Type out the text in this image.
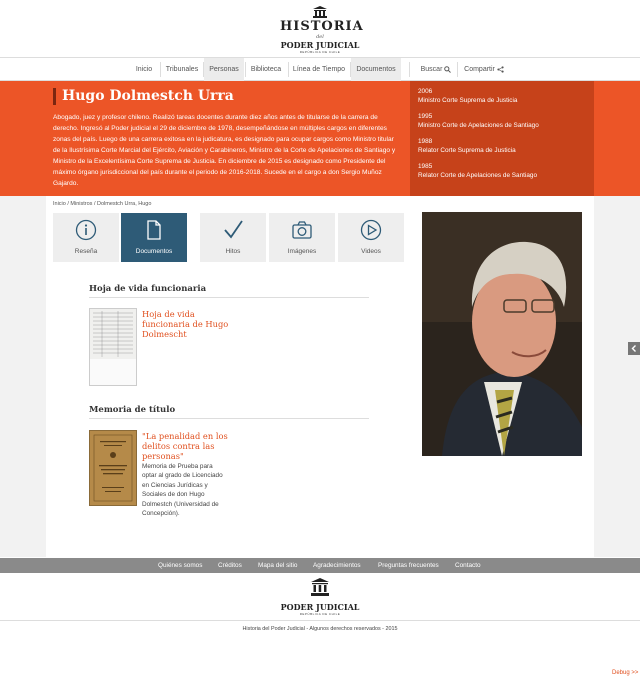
HISTORIA
del
PODER JUDICIAL
REPÚBLICA DE CHILE
Inicio	Tribunales	Personas	Biblioteca	Línea de Tiempo	Documentos	Buscar	Compartir
Hugo Dolmestch Urra
Abogado, juez y profesor chileno. Realizó tareas docentes durante diez años antes de titularse de la carrera de derecho. Ingresó al Poder judicial el 29 de diciembre de 1978, desempeñándose en múltiples cargos en diferentes zonas del país. Luego de una carrera exitosa en la judicatura, es designado para ocupar cargos como Ministro titular de la Ilustrísima Corte Marcial del Ejército, Aviación y Carabineros, Ministro de la Corte de Apelaciones de Santiago y Ministro de la Excelentísima Corte Suprema de Justicia. En diciembre de 2015 es designado como Presidente del máximo órgano jurisdiccional del país durante el periodo de 2016-2018. Sucede en el cargo a don Sergio Muñoz Gajardo.
2006
Ministro Corte Suprema de Justicia
1995
Ministro Corte de Apelaciones de Santiago
1988
Relator Corte Suprema de Justicia
1985
Relator Corte de Apelaciones de Santiago
Inicio / Ministros / Dolmestch Urra, Hugo
Reseña	Documentos	Hitos	Imágenes	Videos
Hoja de vida funcionaria
Hoja de vida funcionaria de Hugo Dolmescht
Memoria de título
"La penalidad en los delitos contra las personas"
Memoria de Prueba para optar al grado de Licenciado en Ciencias Jurídicas y Sociales de don Hugo Dolmestch (Universidad de Concepción).
Quiénes somos Créditos	Mapa del sitio Agradecimientos	Preguntas frecuentes	Contacto
PODER JUDICIAL
REPÚBLICA DE CHILE
Historia del Poder Judicial - Algunos derechos reservados - 2015
Debug >>
